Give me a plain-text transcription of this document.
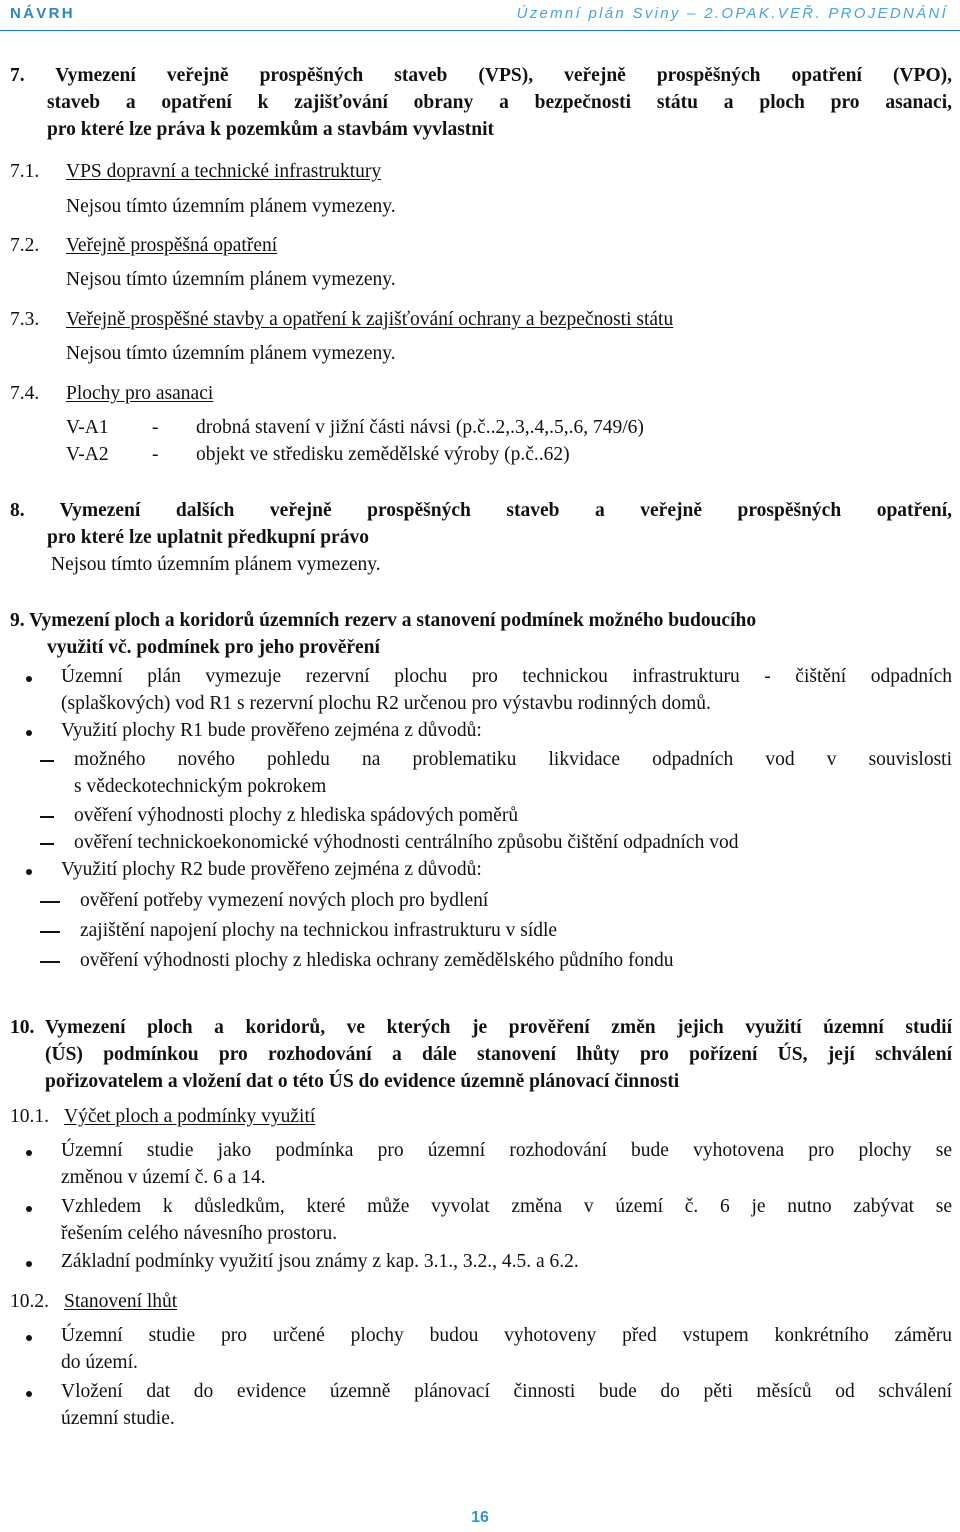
NÁVRH	Územní plán Sviny – 2.OPAK.VEŘ. PROJEDNÁNÍ
7. Vymezení veřejně prospěšných staveb (VPS), veřejně prospěšných opatření (VPO),
staveb a opatření k zajišťování obrany a bezpečnosti státu a ploch pro asanaci,
pro které lze práva k pozemkům a stavbám vyvlastnit
7.1. VPS dopravní a technické infrastruktury
Nejsou tímto územním plánem vymezeny.
7.2. Veřejně prospěšná opatření
Nejsou tímto územním plánem vymezeny.
7.3. Veřejně prospěšné stavby a opatření k zajišťování ochrany a bezpečnosti státu
Nejsou tímto územním plánem vymezeny.
7.4. Plochy pro asanaci
V-A1 - drobná stavení v jižní části návsi (p.č..2,.3,.4,.5,.6, 749/6)
V-A2 - objekt ve středisku zemědělské výroby (p.č..62)
8. Vymezení dalších veřejně prospěšných staveb a veřejně prospěšných opatření,
pro které lze uplatnit předkupní právo
Nejsou tímto územním plánem vymezeny.
9. Vymezení ploch a koridorů územních rezerv a stanovení podmínek možného budoucího
využití vč. podmínek pro jeho prověření
Územní plán vymezuje rezervní plochu pro technickou infrastrukturu - čištění odpadních
(splaškových) vod R1 s rezervní plochu R2 určenou pro výstavbu rodinných domů.
Využití plochy R1 bude prověřeno zejména z důvodů:
možného nového pohledu na problematiku likvidace odpadních vod v souvislosti
s vědeckotechnickým pokrokem
ověření výhodnosti plochy z hlediska spádových poměrů
ověření technickoekonomické výhodnosti centrálního způsobu čištění odpadních vod
Využití plochy R2 bude prověřeno zejména z důvodů:
ověření potřeby vymezení nových ploch pro bydlení
zajištění napojení plochy na technickou infrastrukturu v sídle
ověření výhodnosti plochy z hlediska ochrany zemědělského půdního fondu
10. Vymezení ploch a koridorů, ve kterých je prověření změn jejich využití územní studií
(ÚS) podmínkou pro rozhodování a dále stanovení lhůty pro pořízení ÚS, její schválení
pořizovatelem a vložení dat o této ÚS do evidence územně plánovací činnosti
10.1. Výčet ploch a podmínky využití
Územní studie jako podmínka pro územní rozhodování bude vyhotovena pro plochy se
změnou v území č. 6 a 14.
Vzhledem k důsledkům, které může vyvolat změna v území č. 6 je nutno zabývat se
řešením celého návesního prostoru.
Základní podmínky využití jsou známy z kap. 3.1., 3.2., 4.5. a 6.2.
10.2. Stanovení lhůt
Územní studie pro určené plochy budou vyhotoveny před vstupem konkrétního záměru
do území.
Vložení dat do evidence územně plánovací činnosti bude do pěti měsíců od schválení
územní studie.
16
